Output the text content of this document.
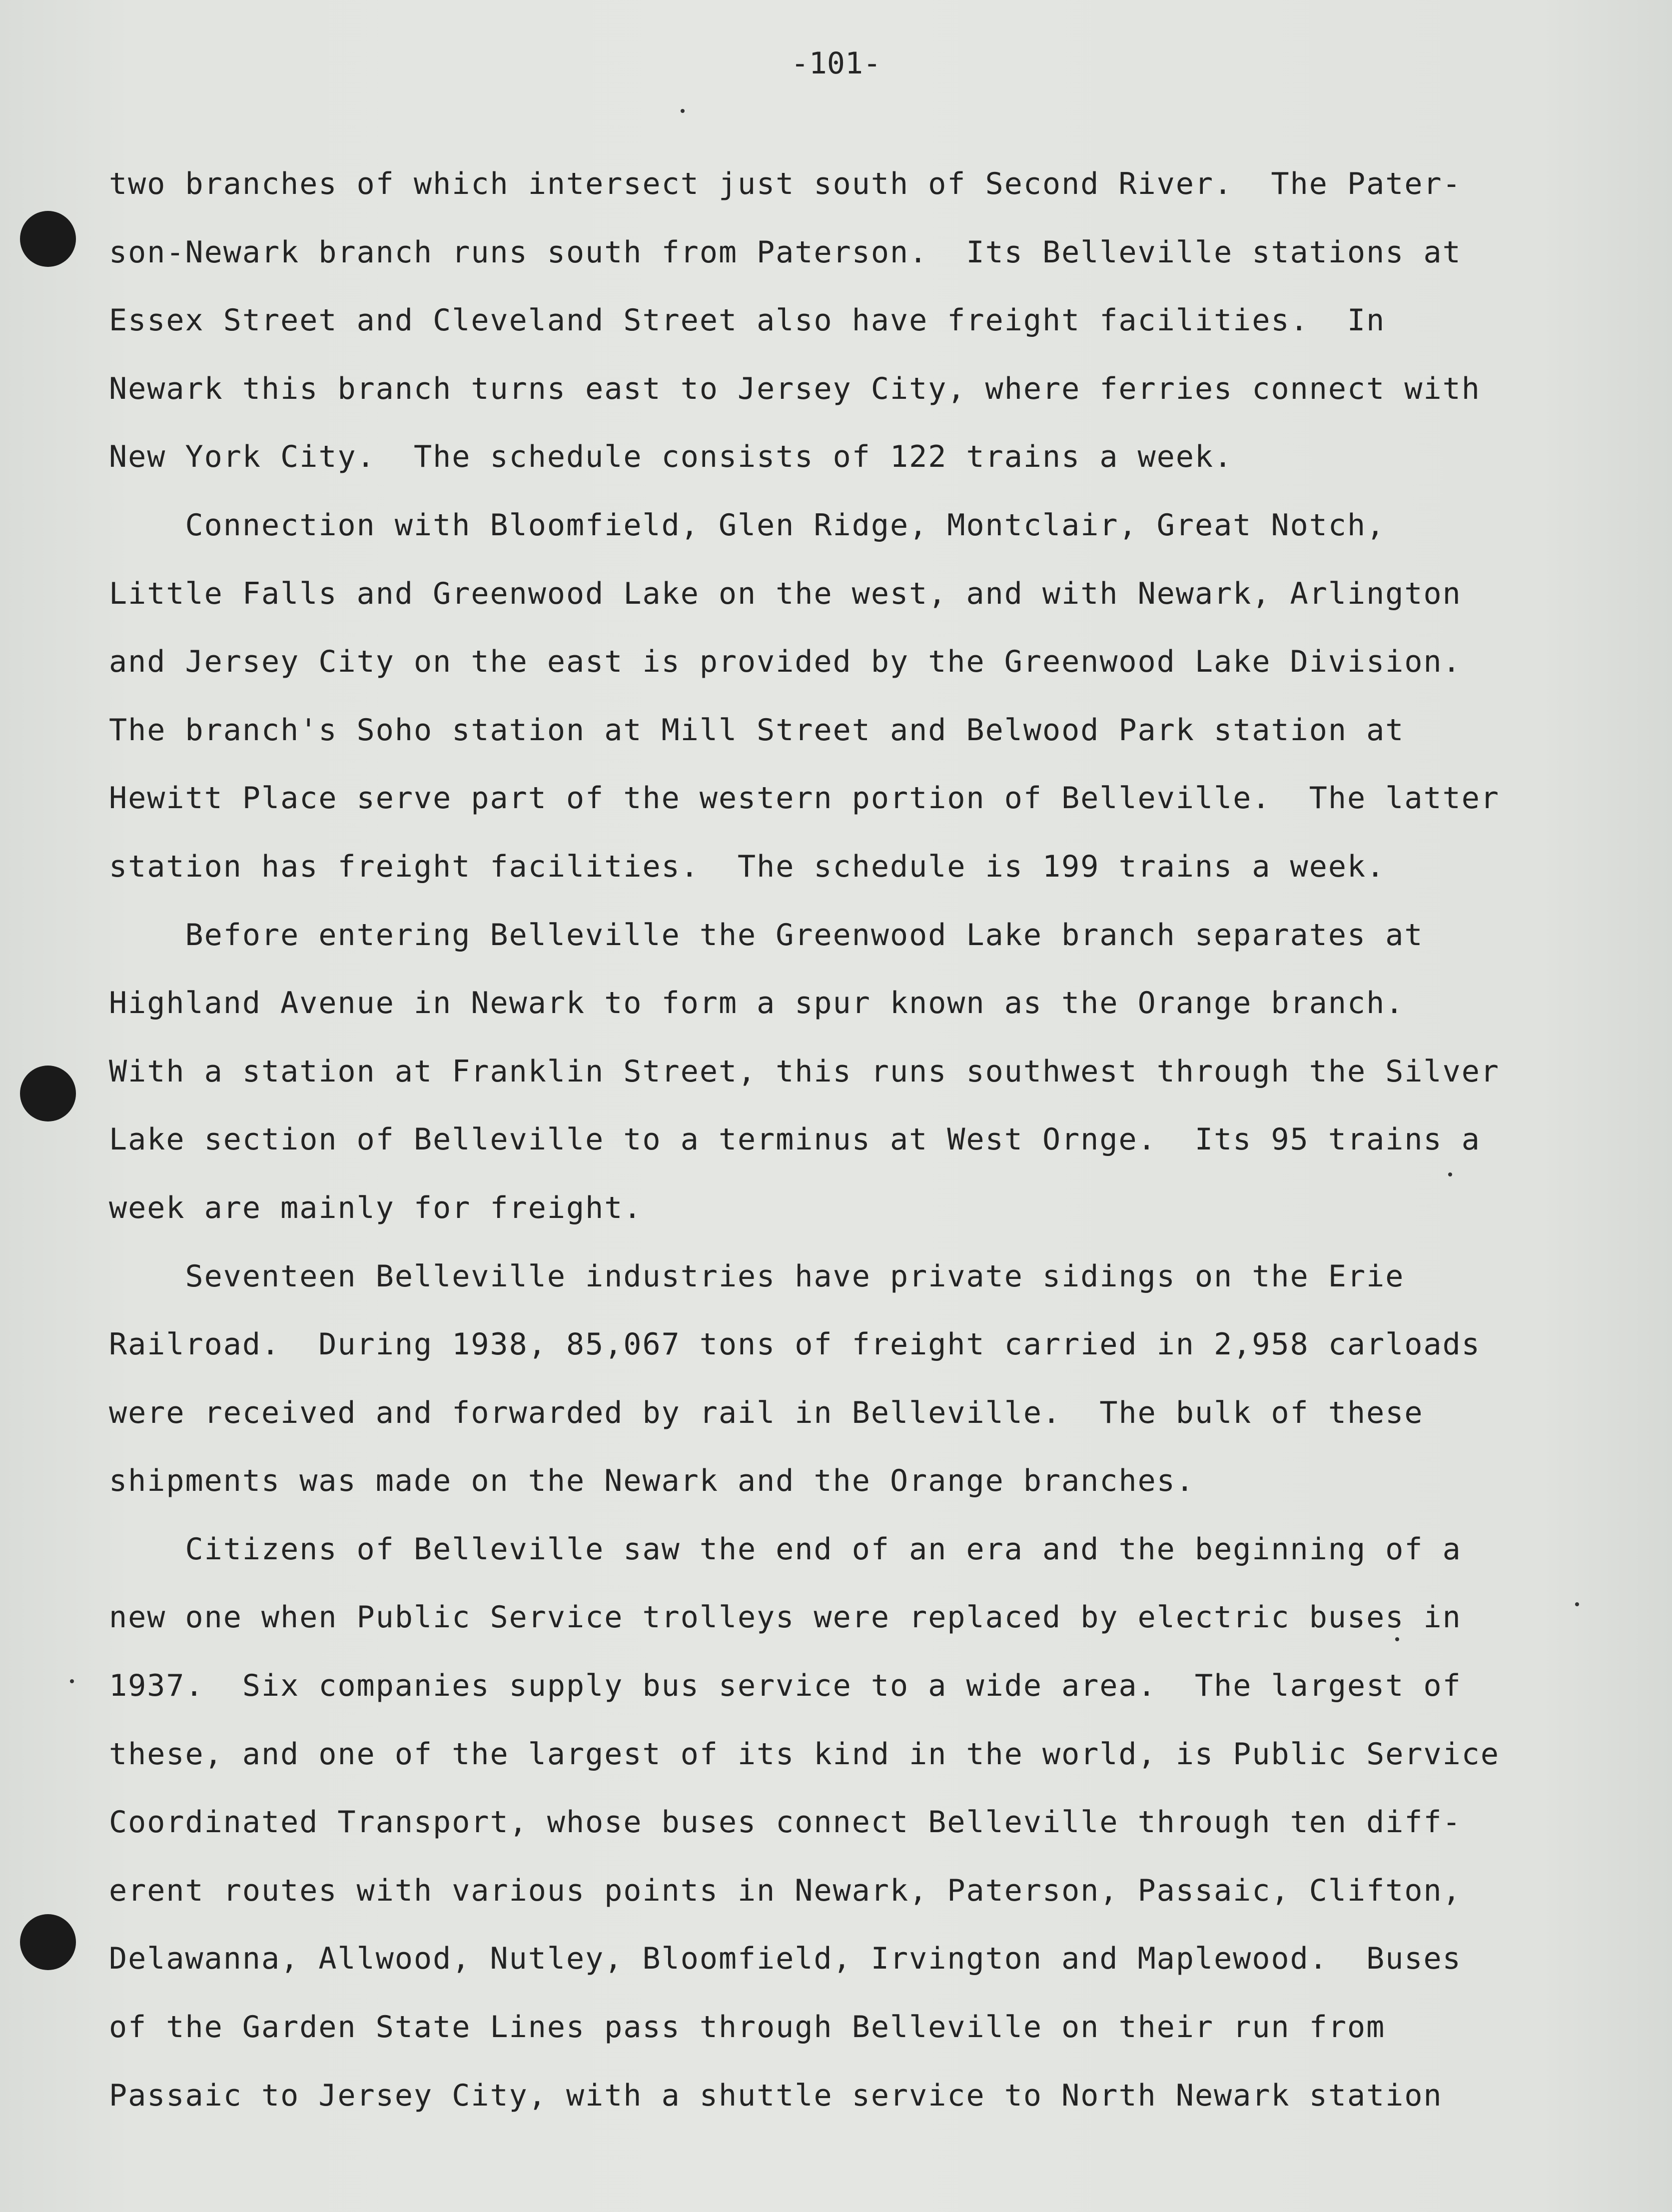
-101-
two branches of which intersect just south of Second River.  The Pater-
son-Newark branch runs south from Paterson.  Its Belleville stations at
Essex Street and Cleveland Street also have freight facilities.  In
Newark this branch turns east to Jersey City, where ferries connect with
New York City.  The schedule consists of 122 trains a week.
Connection with Bloomfield, Glen Ridge, Montclair, Great Notch,
Little Falls and Greenwood Lake on the west, and with Newark, Arlington
and Jersey City on the east is provided by the Greenwood Lake Division.
The branch's Soho station at Mill Street and Belwood Park station at
Hewitt Place serve part of the western portion of Belleville.  The latter
station has freight facilities.  The schedule is 199 trains a week.
Before entering Belleville the Greenwood Lake branch separates at
Highland Avenue in Newark to form a spur known as the Orange branch.
With a station at Franklin Street, this runs southwest through the Silver
Lake section of Belleville to a terminus at West Ornge.  Its 95 trains a
week are mainly for freight.
Seventeen Belleville industries have private sidings on the Erie
Railroad.  During 1938, 85,067 tons of freight carried in 2,958 carloads
were received and forwarded by rail in Belleville.  The bulk of these
shipments was made on the Newark and the Orange branches.
Citizens of Belleville saw the end of an era and the beginning of a
new one when Public Service trolleys were replaced by electric buses in
1937.  Six companies supply bus service to a wide area.  The largest of
these, and one of the largest of its kind in the world, is Public Service
Coordinated Transport, whose buses connect Belleville through ten diff-
erent routes with various points in Newark, Paterson, Passaic, Clifton,
Delawanna, Allwood, Nutley, Bloomfield, Irvington and Maplewood.  Buses
of the Garden State Lines pass through Belleville on their run from
Passaic to Jersey City, with a shuttle service to North Newark station
